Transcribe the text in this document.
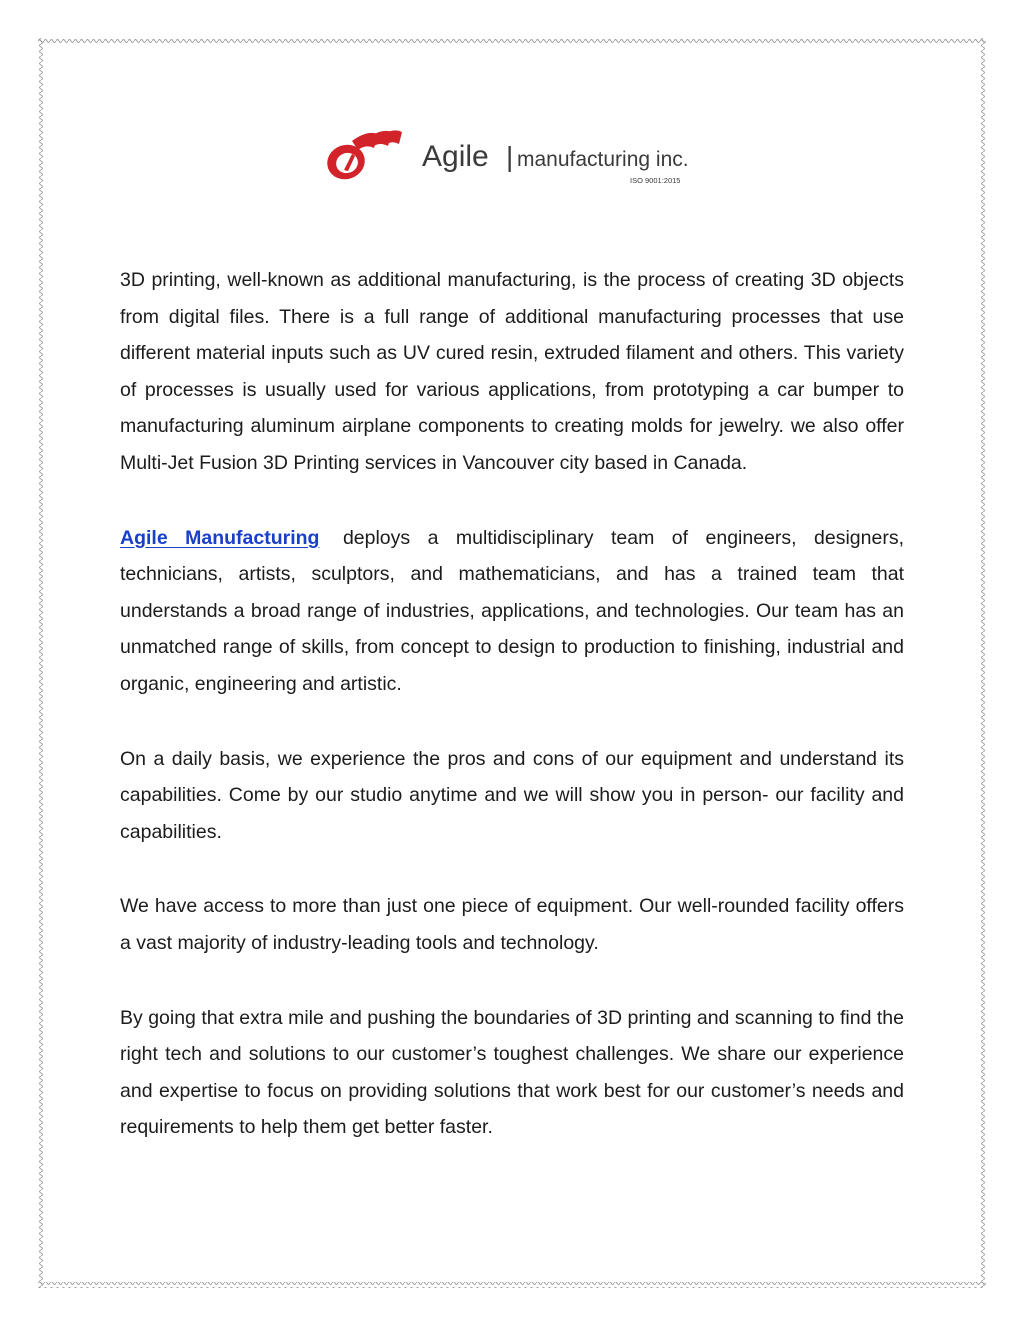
Agile | manufacturing inc.
ISO 9001:2015

3D printing, well-known as additional manufacturing, is the process of creating 3D objects from digital files. There is a full range of additional manufacturing processes that use different material inputs such as UV cured resin, extruded filament and others. This variety of processes is usually used for various applications, from prototyping a car bumper to manufacturing aluminum airplane components to creating molds for jewelry. we also offer Multi-Jet Fusion 3D Printing services in Vancouver city based in Canada.

Agile Manufacturing deploys a multidisciplinary team of engineers, designers, technicians, artists, sculptors, and mathematicians, and has a trained team that understands a broad range of industries, applications, and technologies. Our team has an unmatched range of skills, from concept to design to production to finishing, industrial and organic, engineering and artistic.

On a daily basis, we experience the pros and cons of our equipment and understand its capabilities. Come by our studio anytime and we will show you in person- our facility and capabilities.

We have access to more than just one piece of equipment. Our well-rounded facility offers a vast majority of industry-leading tools and technology.

By going that extra mile and pushing the boundaries of 3D printing and scanning to find the right tech and solutions to our customer’s toughest challenges. We share our experience and expertise to focus on providing solutions that work best for our customer’s needs and requirements to help them get better faster.
